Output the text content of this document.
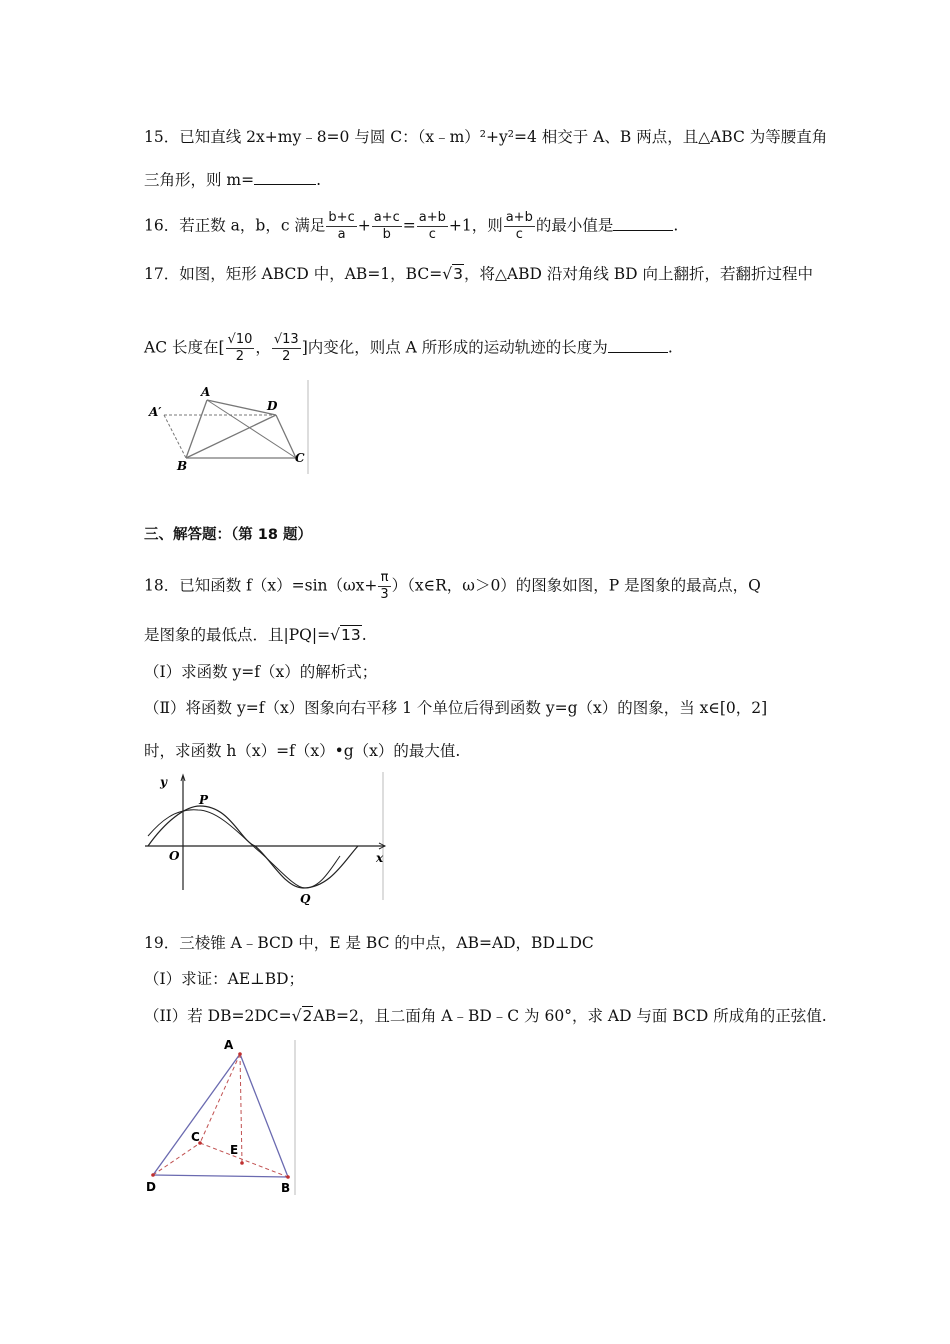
15．已知直线 2x+my﹣8=0 与圆 C：（x﹣m）²+y²=4 相交于 A、B 两点，且△ABC 为等腰直角
三角形，则 m=	.
16．若正数 a，b，c 满足 $\frac{b+c}{a} + \frac{a+c}{b} = \frac{a+b}{c} +1$，则 $\frac{a+b}{c}$ 的最小值是	.
17．如图，矩形 ABCD 中，AB=1，BC=√3，将△ABD 沿对角线 BD 向上翻折，若翻折过程中
AC 长度在[ $\frac{√10}{2}$ ， $\frac{√13}{2}$ ]内变化，则点 A 所形成的运动轨迹的长度为	.
A
A′
B
C
D
三、解答题：（第 18 题）
18．已知函数 $f(x)=\sin(\omega x+ \frac{\pi}{3}$ ）（x∈R，ω＞0）的图象如图，P 是图象的最高点，Q
是图象的最低点．且|PQ|=√13.
（Ⅰ）求函数 y=f（x）的解析式；
（Ⅱ）将函数 y=f（x）图象向右平移 1 个单位后得到函数 y=g（x）的图象，当 x∈[0，2]
时，求函数 h（x）=f（x）•g（x）的最大值.
y
x
O
P
Q
19．三棱锥 A﹣BCD 中，E 是 BC 的中点，AB=AD，BD⊥DC
（I）求证：AE⊥BD；
（II）若 DB=2DC=√2AB=2，且二面角 A﹣BD﹣C 为 60°，求 AD 与面 BCD 所成角的正弦值.
A
D	B
C
E
